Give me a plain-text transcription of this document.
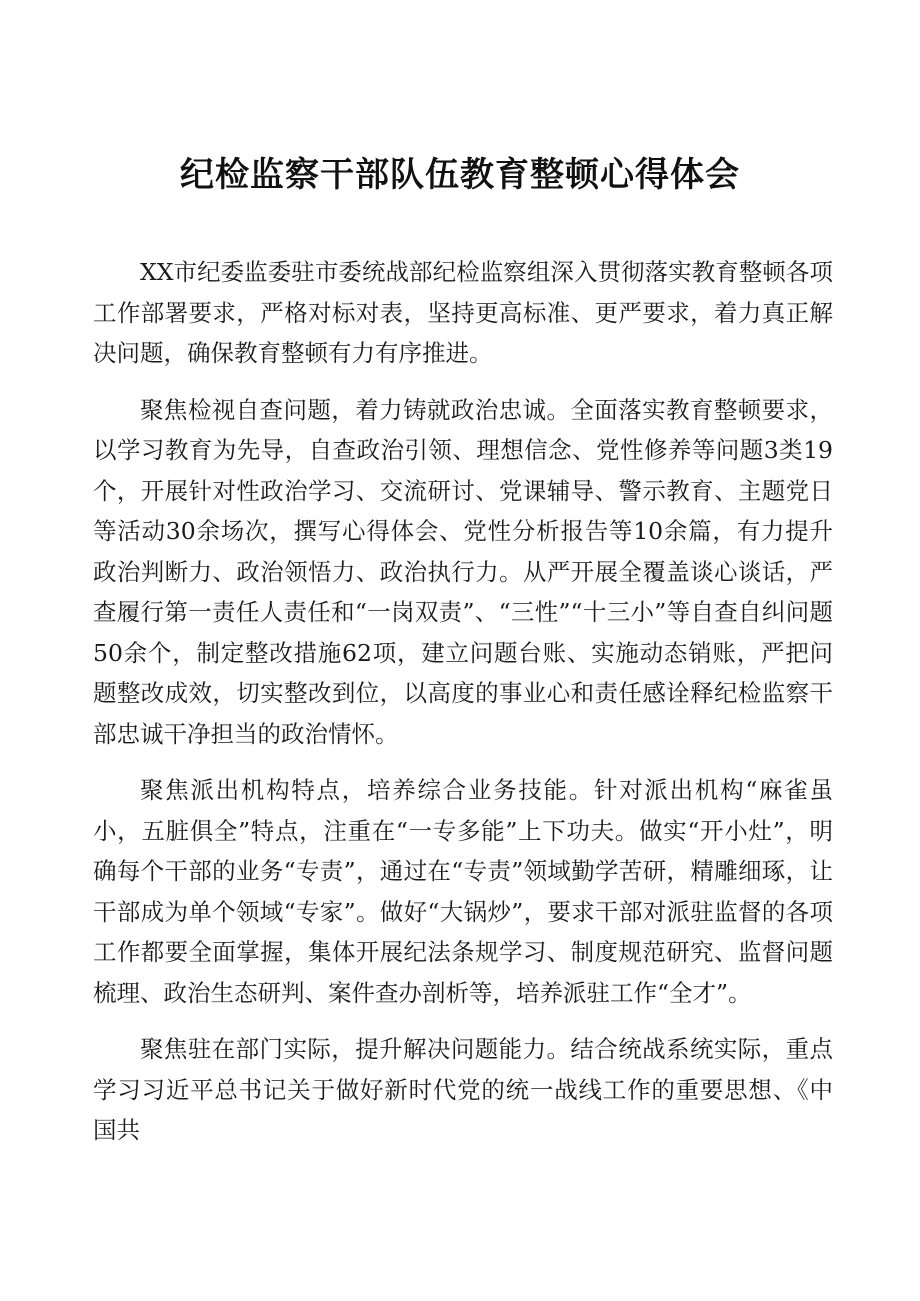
纪检监察干部队伍教育整顿心得体会

XX市纪委监委驻市委统战部纪检监察组深入贯彻落实教育整顿各项工作部署要求，严格对标对表，坚持更高标准、更严要求，着力真正解决问题，确保教育整顿有力有序推进。

聚焦检视自查问题，着力铸就政治忠诚。全面落实教育整顿要求，以学习教育为先导，自查政治引领、理想信念、党性修养等问题3类19个，开展针对性政治学习、交流研讨、党课辅导、警示教育、主题党日等活动30余场次，撰写心得体会、党性分析报告等10余篇，有力提升政治判断力、政治领悟力、政治执行力。从严开展全覆盖谈心谈话，严查履行第一责任人责任和“一岗双责”、“三性”“十三小”等自查自纠问题50余个，制定整改措施62项，建立问题台账、实施动态销账，严把问题整改成效，切实整改到位，以高度的事业心和责任感诠释纪检监察干部忠诚干净担当的政治情怀。

聚焦派出机构特点，培养综合业务技能。针对派出机构“麻雀虽小，五脏俱全”特点，注重在“一专多能”上下功夫。做实“开小灶”，明确每个干部的业务“专责”，通过在“专责”领域勤学苦研，精雕细琢，让干部成为单个领域“专家”。做好“大锅炒”，要求干部对派驻监督的各项工作都要全面掌握，集体开展纪法条规学习、制度规范研究、监督问题梳理、政治生态研判、案件查办剖析等，培养派驻工作“全才”。

聚焦驻在部门实际，提升解决问题能力。结合统战系统实际，重点学习习近平总书记关于做好新时代党的统一战线工作的重要思想、《中国共
